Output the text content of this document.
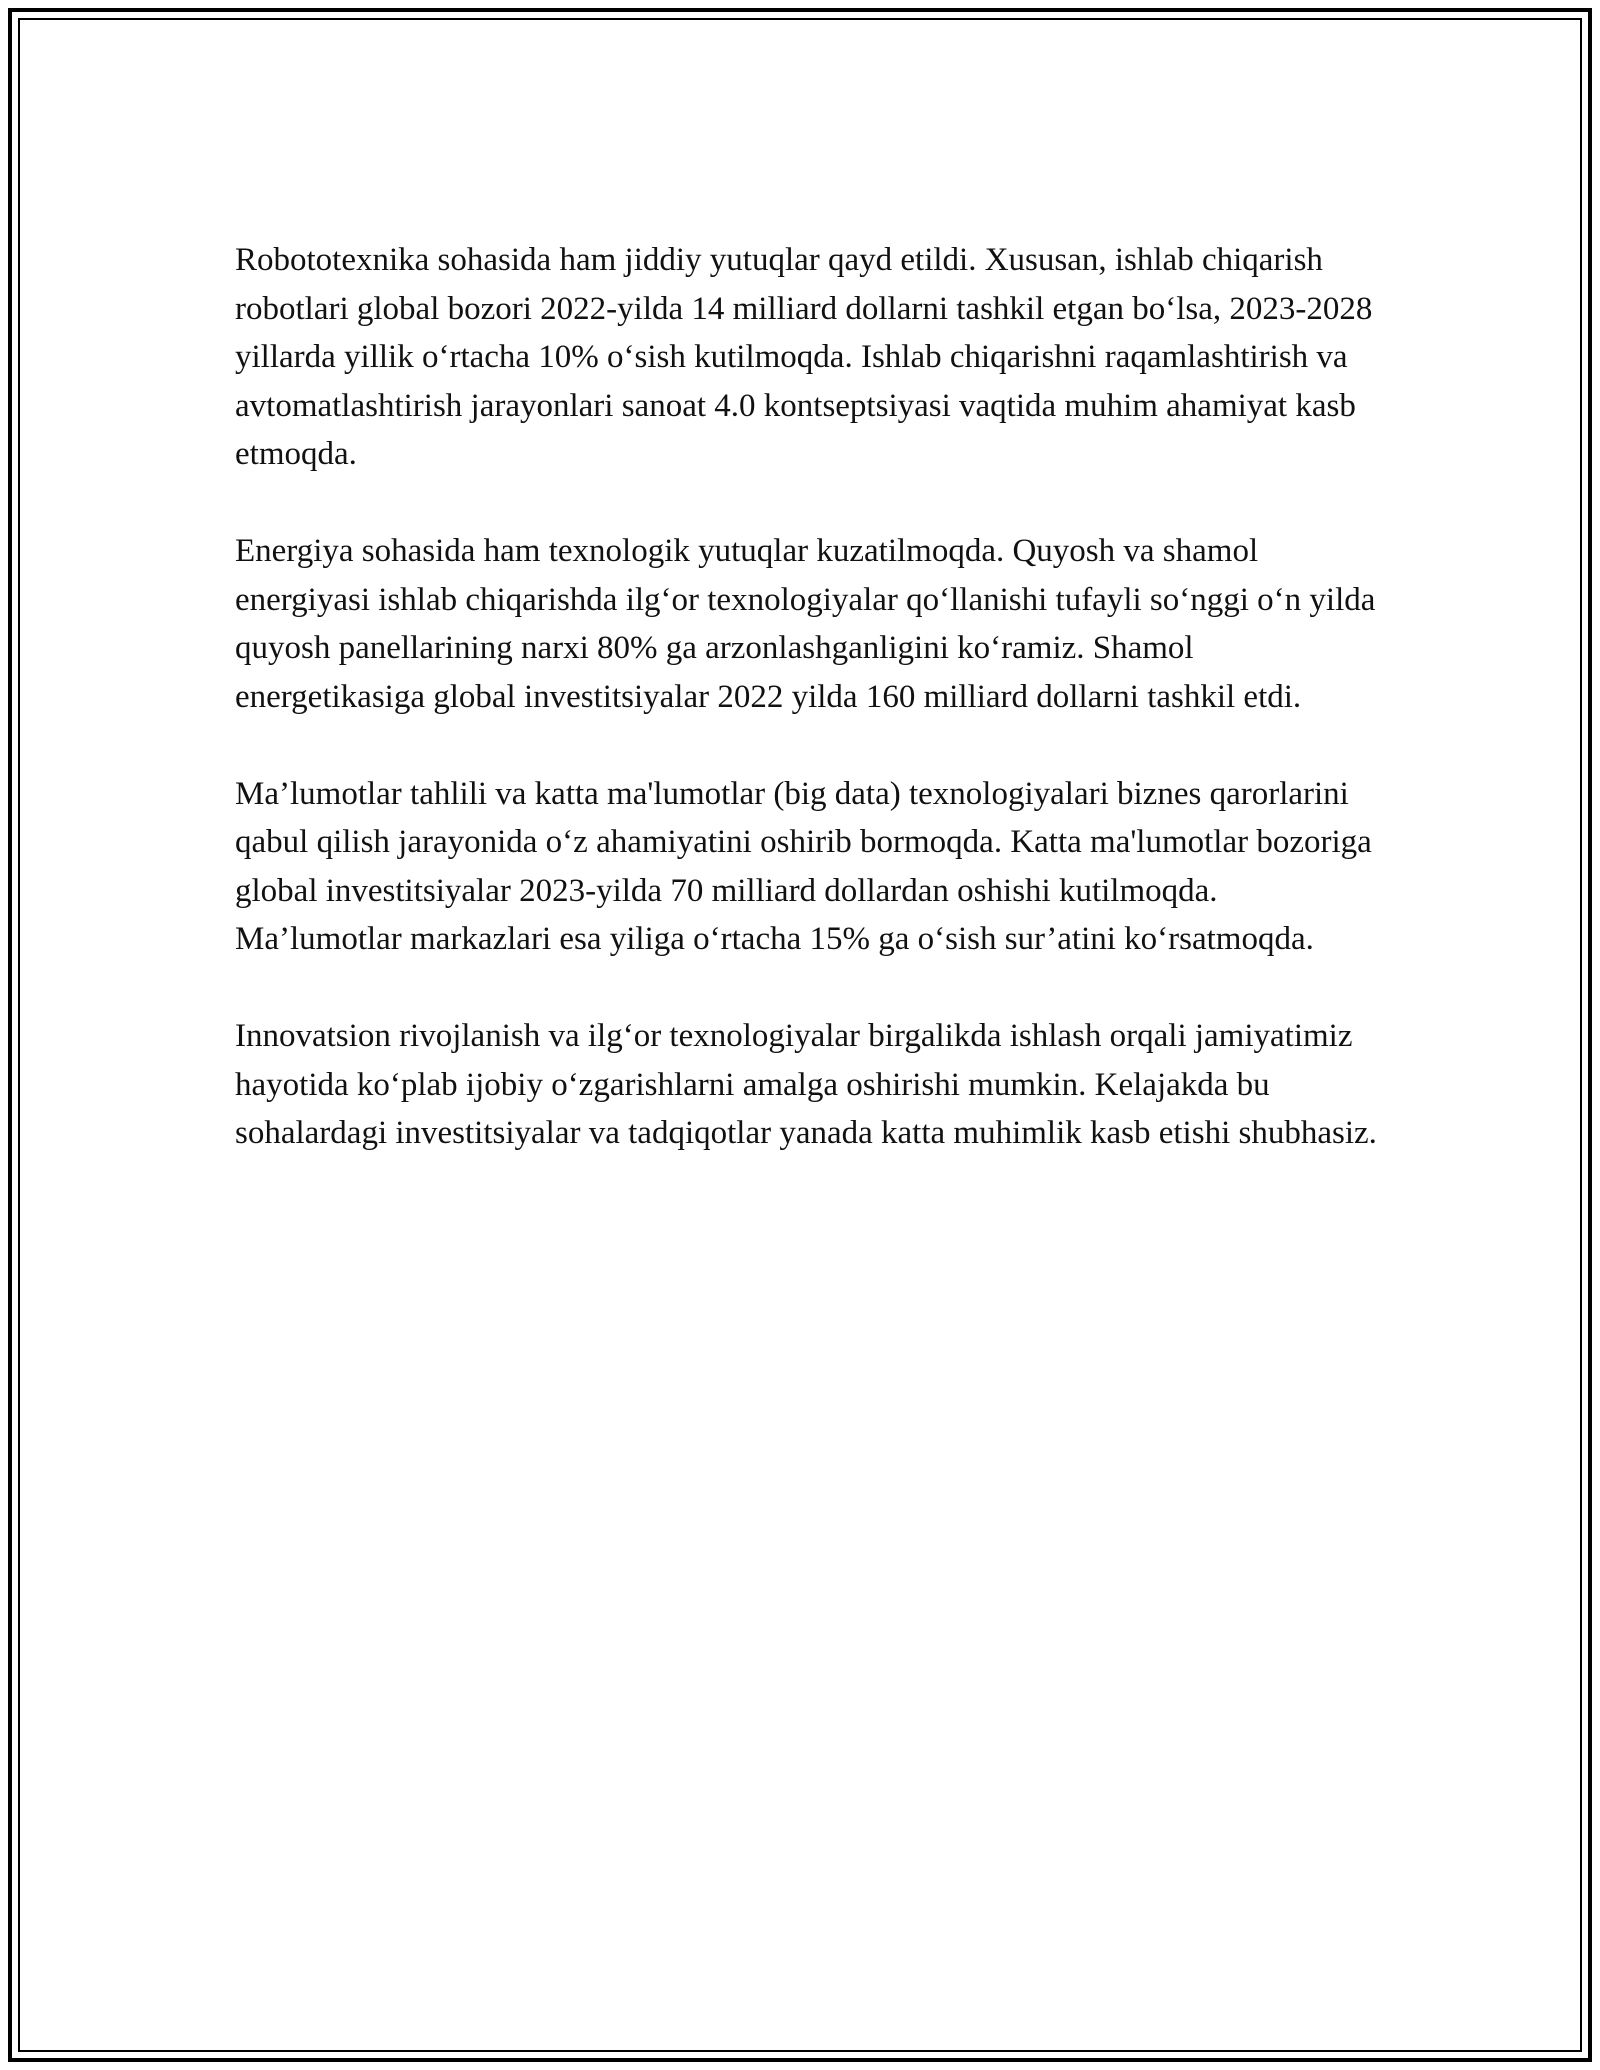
Robototexnika sohasida ham jiddiy yutuqlar qayd etildi. Xususan, ishlab chiqarish robotlari global bozori 2022-yilda 14 milliard dollarni tashkil etgan bo‘lsa, 2023-2028 yillarda yillik o‘rtacha 10% o‘sish kutilmoqda. Ishlab chiqarishni raqamlashtirish va avtomatlashtirish jarayonlari sanoat 4.0 kontseptsiyasi vaqtida muhim ahamiyat kasb etmoqda.

Energiya sohasida ham texnologik yutuqlar kuzatilmoqda. Quyosh va shamol energiyasi ishlab chiqarishda ilg‘or texnologiyalar qo‘llanishi tufayli so‘nggi o‘n yilda quyosh panellarining narxi 80% ga arzonlashganligini ko‘ramiz. Shamol energetikasiga global investitsiyalar 2022 yilda 160 milliard dollarni tashkil etdi.

Ma’lumotlar tahlili va katta ma'lumotlar (big data) texnologiyalari biznes qarorlarini qabul qilish jarayonida o‘z ahamiyatini oshirib bormoqda. Katta ma'lumotlar bozoriga global investitsiyalar 2023-yilda 70 milliard dollardan oshishi kutilmoqda. Ma’lumotlar markazlari esa yiliga o‘rtacha 15% ga o‘sish sur’atini ko‘rsatmoqda.

Innovatsion rivojlanish va ilg‘or texnologiyalar birgalikda ishlash orqali jamiyatimiz hayotida ko‘plab ijobiy o‘zgarishlarni amalga oshirishi mumkin. Kelajakda bu sohalardagi investitsiyalar va tadqiqotlar yanada katta muhimlik kasb etishi shubhasiz.
